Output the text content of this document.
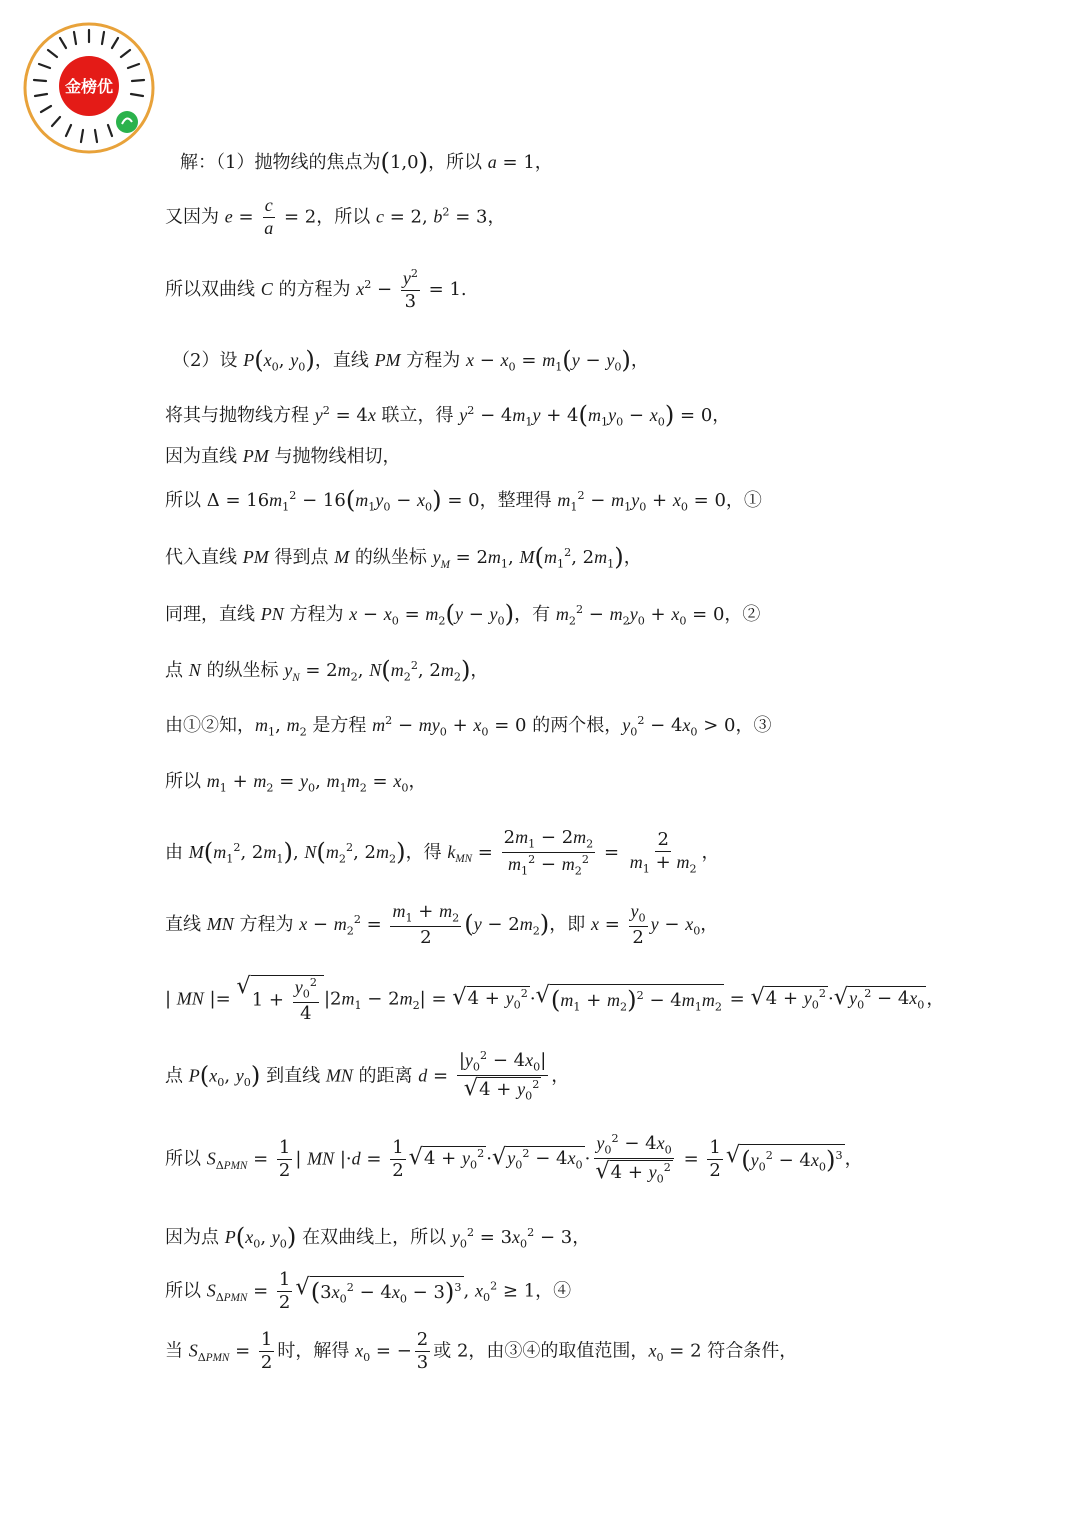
金榜优
解：（1）抛物线的焦点为(1,0)，所以 a = 1，
又因为 $e = \frac{c}{a} = 2$，所以 c = 2, $b^2 = 3$，
所以双曲线 C 的方程为 $x^2 - \frac{y^2}{3} = 1$.
（2）设 $P(x_0$, $y_0$)，直线 PM 方程为 $x - x_0 = m_1(y - y_0)$，
将其与抛物线方程 $y^2 = 4x$ 联立，得 $y^2 - 4m_1y + 4(m_1y_0 - x_0) = 0$，
因为直线 PM 与抛物线相切，
所以 $\Delta = 16m_1^2 - 16(m_1y_0 - x_0) = 0$，整理得 $m_1^2 - m_1y_0 + x_0 = 0$，①
代入直线 PM 得到点 M 的纵坐标 $y_M = 2m_1$, $M(m_1^2$, $2m_1$)，
同理，直线 PN 方程为 $x - x_0 = m_2(y - y_0)$，有 $m_2^2 - m_2y_0 + x_0 = 0$，②
点 N 的纵坐标 $y_N = 2m_2$, $N(m_2^2$, $2m_2$)，
由①②知，$m_1$, $m_2$ 是方程 $m^2 - my_0 + x_0 = 0$ 的两个根，$y_0^2 - 4x_0 > 0$，③
所以 $m_1 + m_2 = y_0$, $m_1m_2 = x_0$，
由 $M(m_1^2$, $2m_1$), $N(m_2^2$, $2m_2$)，得 $k_{MN} = \frac{2m_1 - 2m_2}{m_1^2 - m_2^2} = \frac{2}{m_1 + m_2}$ ，
直线 MN 方程为 $x - m_2^2 = \frac{m_1 + m_2}{2} (y - 2m_2)$，即 $x = \frac{y_0}{2}$ $y - x_0$，
| MN |= √
$1 + \frac{y_0^2}{4} |2m_1 - 2m_2|$ = √ $4 + y_0^2$ · √ $(m_1 + m_2)^2 - 4m_1m_2$ = √ $4 + y_0^2$ · √ $y_0^2 - 4x_0$ ，
点 $P(x_0$, $y_0$) 到直线 MN 的距离 $d = \frac{|y_0^2 - 4x_0|}{√ 4 + y_0^2}$ ，
所以 $S_{\Delta PMN} = \frac{1}{2}$ | MN $|\cdot d = \frac{1}{2}$ √ $4 + y_0^2$ · √ $y_0^2 - 4x_0 \cdot \frac{y_0^2 - 4x_0}{√ 4 + y_0^2} = \frac{1}{2}$ √ $(y_0^2 - 4x_0)^3$ ，
因为点 $P(x_0$, $y_0$) 在双曲线上，所以 $y_0^2 = 3x_0^2 - 3$，
所以 $S_{\Delta PMN} = \frac{1}{2}$ √ $(3x_0^2 - 4x_0 - 3)^3$ , $x_0^2 \ge 1$，④
当 $S_{\Delta PMN} = \frac{1}{2}$ 时，解得 $x_0$ = − $\frac{2}{3}$ 或 2，由③④的取值范围，$x_0 = 2$ 符合条件，
